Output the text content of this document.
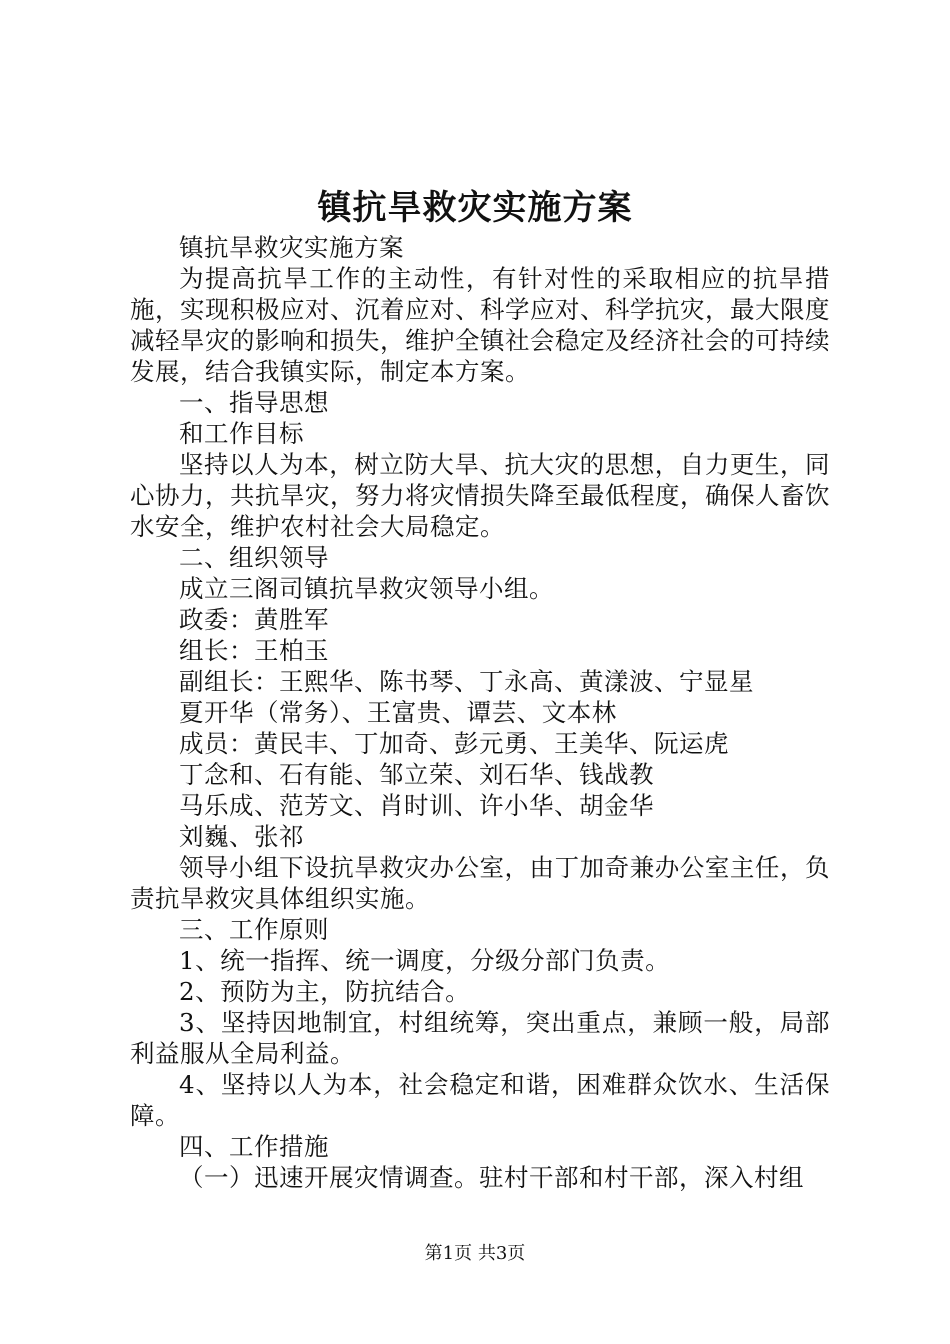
镇抗旱救灾实施方案

镇抗旱救灾实施方案

为提高抗旱工作的主动性，有针对性的采取相应的抗旱措施，实现积极应对、沉着应对、科学应对、科学抗灾，最大限度减轻旱灾的影响和损失，维护全镇社会稳定及经济社会的可持续发展，结合我镇实际，制定本方案。

一、指导思想

和工作目标

坚持以人为本，树立防大旱、抗大灾的思想，自力更生，同心协力，共抗旱灾，努力将灾情损失降至最低程度，确保人畜饮水安全，维护农村社会大局稳定。

二、组织领导

成立三阁司镇抗旱救灾领导小组。

政委：黄胜军

组长：王柏玉

副组长：王熙华、陈书琴、丁永高、黄漾波、宁显星

夏开华（常务）、王富贵、谭芸、文本林

成员：黄民丰、丁加奇、彭元勇、王美华、阮运虎

丁念和、石有能、邹立荣、刘石华、钱战教

马乐成、范芳文、肖时训、许小华、胡金华

刘巍、张祁

领导小组下设抗旱救灾办公室，由丁加奇兼办公室主任，负责抗旱救灾具体组织实施。

三、工作原则

1、统一指挥、统一调度，分级分部门负责。

2、预防为主，防抗结合。

3、坚持因地制宜，村组统筹，突出重点，兼顾一般，局部利益服从全局利益。

4、坚持以人为本，社会稳定和谐，困难群众饮水、生活保障。

四、工作措施

（一）迅速开展灾情调查。驻村干部和村干部，深入村组

第1页 共3页
